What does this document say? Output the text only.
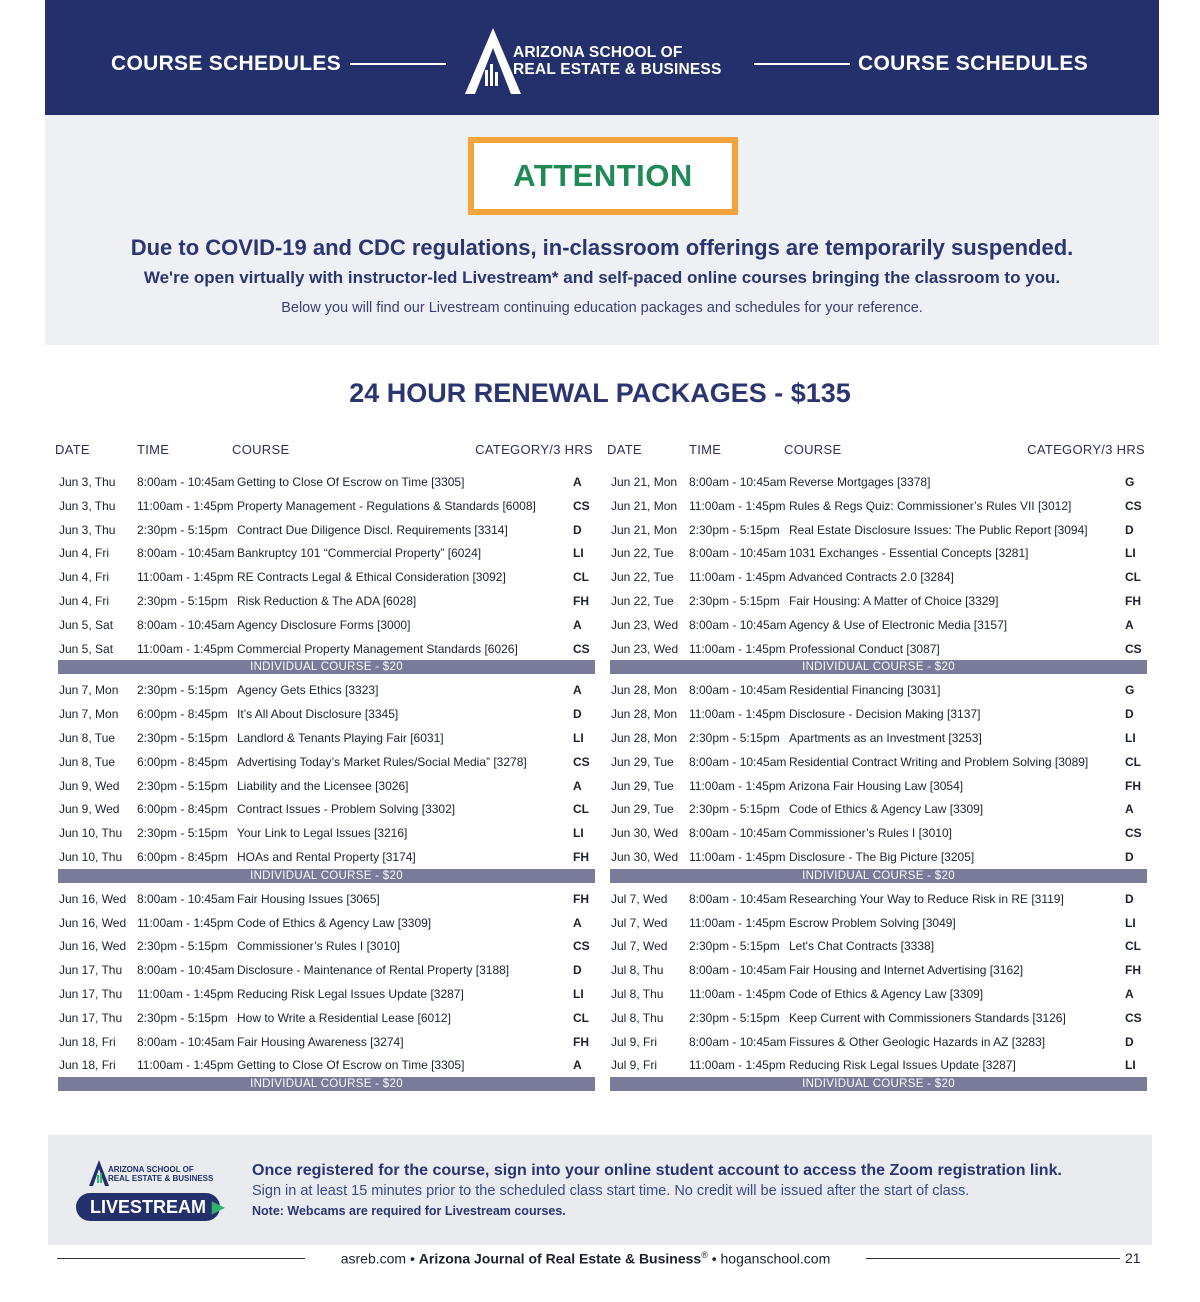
COURSE SCHEDULES	ARIZONA SCHOOL OF
REAL ESTATE & BUSINESS	COURSE SCHEDULES
ATTENTION
Due to COVID-19 and CDC regulations, in-classroom offerings are temporarily suspended.
We're open virtually with instructor-led Livestream* and self-paced online courses bringing the classroom to you.
Below you will find our Livestream continuing education packages and schedules for your reference.
24 HOUR RENEWAL PACKAGES - $135
DATE	TIME	COURSE	CATEGORY/3 HRS
Jun 3, Thu 8:00am - 10:45am Getting to Close Of Escrow on Time [3305]	A
Jun 3, Thu 11:00am - 1:45pm Property Management - Regulations & Standards [6008]	CS
Jun 3, Thu 2:30pm - 5:15pm Contract Due Diligence Discl. Requirements [3314]	D
Jun 4, Fri 8:00am - 10:45am Bankruptcy 101 “Commercial Property” [6024]	LI
Jun 4, Fri 11:00am - 1:45pm RE Contracts Legal & Ethical Consideration [3092]	CL
Jun 4, Fri 2:30pm - 5:15pm Risk Reduction & The ADA [6028]	FH
Jun 5, Sat 8:00am - 10:45am Agency Disclosure Forms [3000]	A
Jun 5, Sat 11:00am - 1:45pm Commercial Property Management Standards [6026]	CS
INDIVIDUAL COURSE - $20
Jun 7, Mon 2:30pm - 5:15pm Agency Gets Ethics [3323]	A
Jun 7, Mon 6:00pm - 8:45pm It’s All About Disclosure [3345]	D
Jun 8, Tue 2:30pm - 5:15pm Landlord & Tenants Playing Fair [6031]	LI
Jun 8, Tue 6:00pm - 8:45pm Advertising Today’s Market Rules/Social Media” [3278]	CS
Jun 9, Wed 2:30pm - 5:15pm Liability and the Licensee [3026]	A
Jun 9, Wed 6:00pm - 8:45pm Contract Issues - Problem Solving [3302]	CL
Jun 10, Thu 2:30pm - 5:15pm Your Link to Legal Issues [3216]	LI
Jun 10, Thu 6:00pm - 8:45pm HOAs and Rental Property [3174]	FH
INDIVIDUAL COURSE - $20
Jun 16, Wed 8:00am - 10:45am Fair Housing Issues [3065]	FH
Jun 16, Wed 11:00am - 1:45pm Code of Ethics & Agency Law [3309]	A
Jun 16, Wed 2:30pm - 5:15pm Commissioner’s Rules I [3010]	CS
Jun 17, Thu 8:00am - 10:45am Disclosure - Maintenance of Rental Property [3188]	D
Jun 17, Thu 11:00am - 1:45pm Reducing Risk Legal Issues Update [3287]	LI
Jun 17, Thu 2:30pm - 5:15pm How to Write a Residential Lease [6012]	CL
Jun 18, Fri 8:00am - 10:45am Fair Housing Awareness [3274]	FH
Jun 18, Fri 11:00am - 1:45pm Getting to Close Of Escrow on Time [3305]	A
INDIVIDUAL COURSE - $20
DATE	TIME	COURSE	CATEGORY/3 HRS
Jun 21, Mon 8:00am - 10:45am Reverse Mortgages [3378]	G
Jun 21, Mon 11:00am - 1:45pm Rules & Regs Quiz: Commissioner’s Rules VII [3012]	CS
Jun 21, Mon 2:30pm - 5:15pm Real Estate Disclosure Issues: The Public Report [3094]	D
Jun 22, Tue 8:00am - 10:45am 1031 Exchanges - Essential Concepts [3281]	LI
Jun 22, Tue 11:00am - 1:45pm Advanced Contracts 2.0 [3284]	CL
Jun 22, Tue 2:30pm - 5:15pm Fair Housing: A Matter of Choice [3329]	FH
Jun 23, Wed 8:00am - 10:45am Agency & Use of Electronic Media [3157]	A
Jun 23, Wed 11:00am - 1:45pm Professional Conduct [3087]	CS
INDIVIDUAL COURSE - $20
Jun 28, Mon 8:00am - 10:45am Residential Financing [3031]	G
Jun 28, Mon 11:00am - 1:45pm Disclosure - Decision Making [3137]	D
Jun 28, Mon 2:30pm - 5:15pm Apartments as an Investment [3253]	LI
Jun 29, Tue 8:00am - 10:45am Residential Contract Writing and Problem Solving [3089]	CL
Jun 29, Tue 11:00am - 1:45pm Arizona Fair Housing Law [3054]	FH
Jun 29, Tue 2:30pm - 5:15pm Code of Ethics & Agency Law [3309]	A
Jun 30, Wed 8:00am - 10:45am Commissioner’s Rules I [3010]	CS
Jun 30, Wed 11:00am - 1:45pm Disclosure - The Big Picture [3205]	D
INDIVIDUAL COURSE - $20
Jul 7, Wed 8:00am - 10:45am Researching Your Way to Reduce Risk in RE [3119]	D
Jul 7, Wed 11:00am - 1:45pm Escrow Problem Solving [3049]	LI
Jul 7, Wed 2:30pm - 5:15pm Let's Chat Contracts [3338]	CL
Jul 8, Thu 8:00am - 10:45am Fair Housing and Internet Advertising [3162]	FH
Jul 8, Thu 11:00am - 1:45pm Code of Ethics & Agency Law [3309]	A
Jul 8, Thu 2:30pm - 5:15pm Keep Current with Commissioners Standards [3126]	CS
Jul 9, Fri	8:00am - 10:45am Fissures & Other Geologic Hazards in AZ [3283]	D
Jul 9, Fri	11:00am - 1:45pm Reducing Risk Legal Issues Update [3287]	LI
INDIVIDUAL COURSE - $20
ARIZONA SCHOOL OF
REAL ESTATE & BUSINESS
LIVESTREAM ▶
Once registered for the course, sign into your online student account to access the Zoom registration link.
Sign in at least 15 minutes prior to the scheduled class start time. No credit will be issued after the start of class.
Note: Webcams are required for Livestream courses.
asreb.com • Arizona Journal of Real Estate & Business® • hoganschool.com	21
